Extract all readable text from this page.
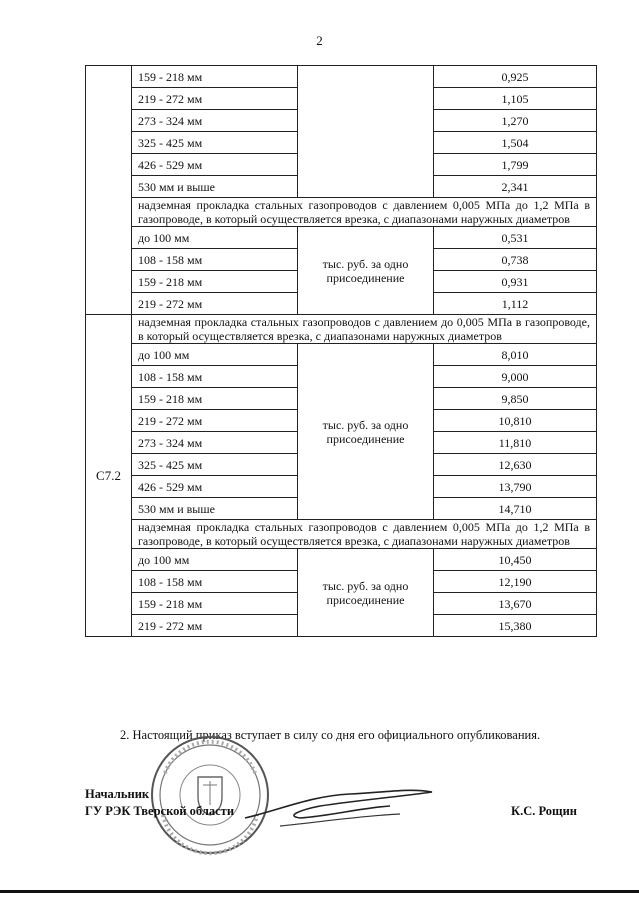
2
	159 - 218 мм		0,925
	219 - 272 мм		1,105
	273 - 324 мм		1,270
	325 - 425 мм		1,504
	426 - 529 мм		1,799
	530 мм и выше		2,341
	надземная прокладка стальных газопроводов с давлением 0,005 МПа до 1,2 МПа в газопроводе, в который осуществляется врезка, с диапазонами наружных диаметров		
	до 100 мм	тыс. руб. за одно присоединение	0,531
	108 - 158 мм		0,738
	159 - 218 мм		0,931
	219 - 272 мм		1,112
С7.2	надземная прокладка стальных газопроводов с давлением до 0,005 МПа в газопроводе, в который осуществляется врезка, с диапазонами наружных диаметров		
	до 100 мм	тыс. руб. за одно присоединение	8,010
	108 - 158 мм		9,000
	159 - 218 мм		9,850
	219 - 272 мм		10,810
	273 - 324 мм		11,810
	325 - 425 мм		12,630
	426 - 529 мм		13,790
	530 мм и выше		14,710
	надземная прокладка стальных газопроводов с давлением 0,005 МПа до 1,2 МПа в газопроводе, в который осуществляется врезка, с диапазонами наружных диаметров		
	до 100 мм	тыс. руб. за одно присоединение	10,450
	108 - 158 мм		12,190
	159 - 218 мм		13,670
	219 - 272 мм		15,380
2. Настоящий приказ вступает в силу со дня его официального опубликования.
Начальник
ГУ РЭК Тверской области	К.С. Рощин
